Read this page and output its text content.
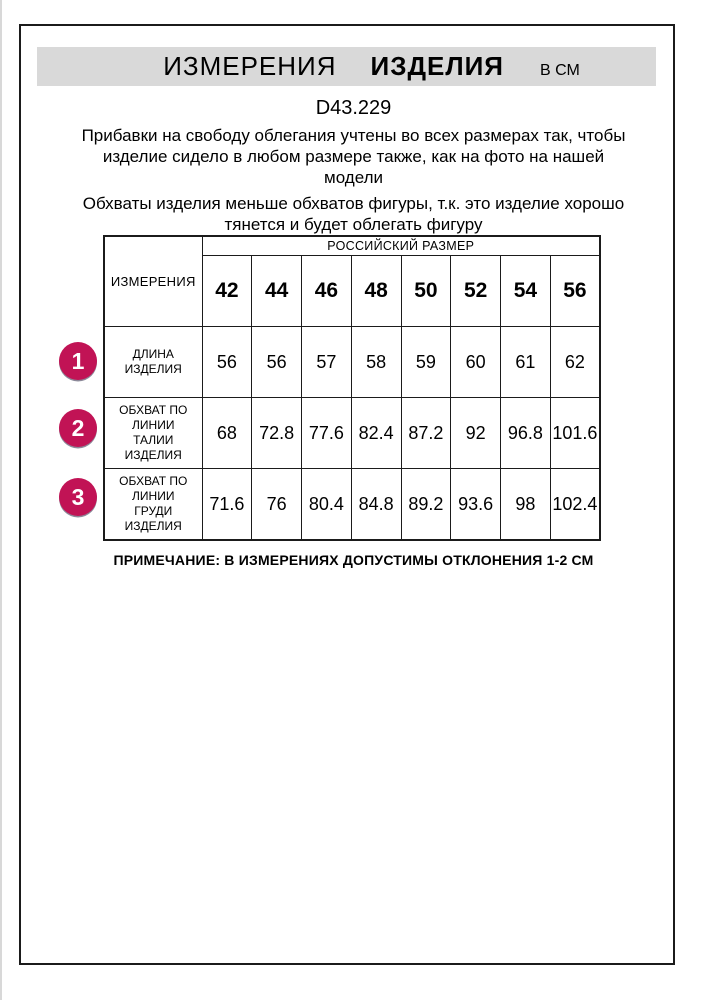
ИЗМЕРЕНИЯ ИЗДЕЛИЯ В СМ
D43.229
Прибавки на свободу облегания учтены во всех размерах так, чтобы
изделие сидело в любом размере также, как на фото на нашей
модели
Обхваты изделия меньше обхватов фигуры, т.к. это изделие хорошо
тянется и будет облегать фигуру
ИЗМЕРЕНИЯ	РОССИЙСКИЙ РАЗМЕР							
	42	44	46	48	50	52	54	56
ДЛИНА ИЗДЕЛИЯ	56	56	57	58	59	60	61	62
ОБХВАТ ПО ЛИНИИ ТАЛИИ ИЗДЕЛИЯ	68	72.8	77.6	82.4	87.2	92	96.8	101.6
ОБХВАТ ПО ЛИНИИ ГРУДИ ИЗДЕЛИЯ	71.6	76	80.4	84.8	89.2	93.6	98	102.4
1
2
3
ПРИМЕЧАНИЕ: В ИЗМЕРЕНИЯХ ДОПУСТИМЫ ОТКЛОНЕНИЯ 1-2 СМ
